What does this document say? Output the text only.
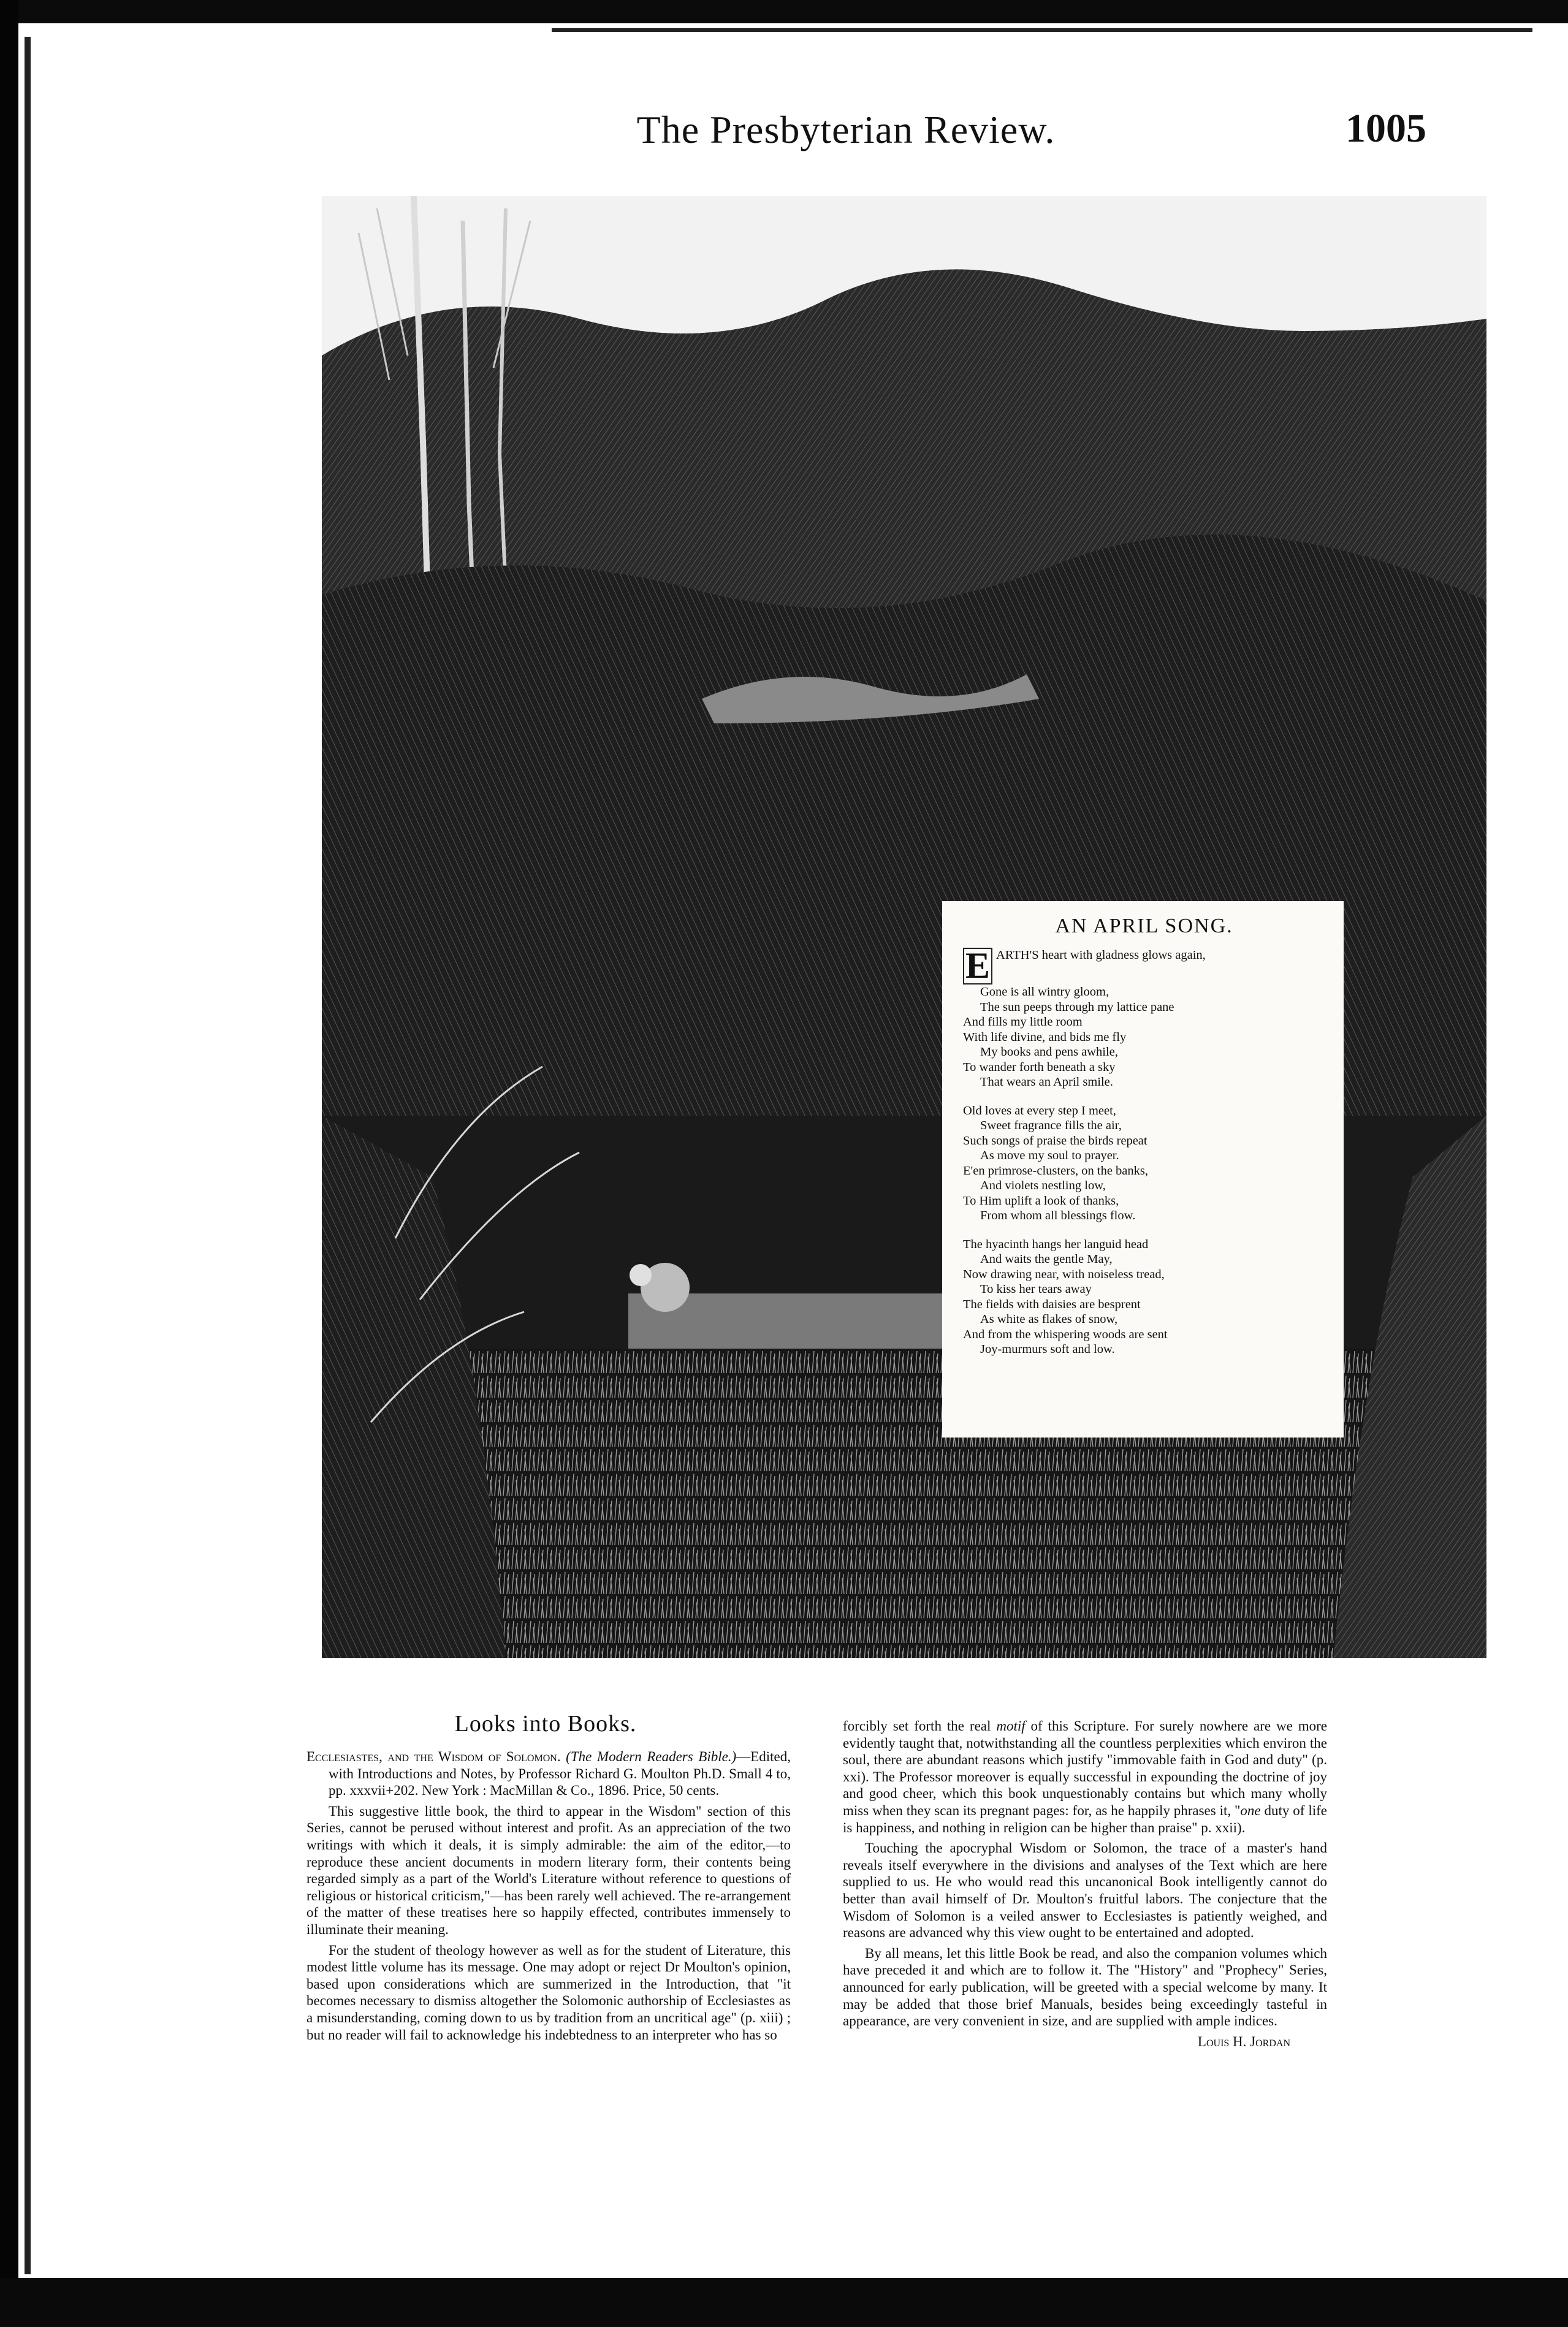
The Presbyterian Review.	1005
AN APRIL SONG.
E ARTH'S heart with gladness glows again,
Gone is all wintry gloom,
The sun peeps through my lattice pane
And fills my little room
With life divine, and bids me fly
My books and pens awhile,
To wander forth beneath a sky
That wears an April smile.
Old loves at every step I meet,
Sweet fragrance fills the air,
Such songs of praise the birds repeat
As move my soul to prayer.
E'en primrose-clusters, on the banks,
And violets nestling low,
To Him uplift a look of thanks,
From whom all blessings flow.
The hyacinth hangs her languid head
And waits the gentle May,
Now drawing near, with noiseless tread,
To kiss her tears away
The fields with daisies are besprent
As white as flakes of snow,
And from the whispering woods are sent
Joy-murmurs soft and low.
Looks into Books.

Ecclesiastes, and the Wisdom of Solomon. (The Modern Readers Bible.)—Edited, with Introductions and Notes, by Professor Richard G. Moulton Ph.D. Small 4 to, pp. xxxvii+202. New York : MacMillan & Co., 1896. Price, 50 cents.

This suggestive little book, the third to appear in the Wisdom" section of this Series, cannot be perused without interest and profit. As an appreciation of the two writings with which it deals, it is simply admirable: the aim of the editor,—to reproduce these ancient documents in modern literary form, their contents being regarded simply as a part of the World's Literature without reference to questions of religious or historical criticism,"—has been rarely well achieved. The re-arrangement of the matter of these treatises here so happily effected, contributes immensely to illuminate their meaning.

For the student of theology however as well as for the student of Literature, this modest little volume has its message. One may adopt or reject Dr Moulton's opinion, based upon considerations which are summerized in the Introduction, that "it becomes necessary to dismiss altogether the Solomonic authorship of Ecclesiastes as a misunderstanding, coming down to us by tradition from an uncritical age" (p. xiii) ; but no reader will fail to acknowledge his indebtedness to an interpreter who has so

forcibly set forth the real motif of this Scripture. For surely nowhere are we more evidently taught that, notwithstanding all the countless perplexities which environ the soul, there are abundant reasons which justify "immovable faith in God and duty" (p. xxi). The Professor moreover is equally successful in expounding the doctrine of joy and good cheer, which this book unquestionably contains but which many wholly miss when they scan its pregnant pages: for, as he happily phrases it, "one duty of life is happiness, and nothing in religion can be higher than praise" p. xxii).

Touching the apocryphal Wisdom or Solomon, the trace of a master's hand reveals itself everywhere in the divisions and analyses of the Text which are here supplied to us. He who would read this uncanonical Book intelligently cannot do better than avail himself of Dr. Moulton's fruitful labors. The conjecture that the Wisdom of Solomon is a veiled answer to Ecclesiastes is patiently weighed, and reasons are advanced why this view ought to be entertained and adopted.

By all means, let this little Book be read, and also the companion volumes which have preceded it and which are to follow it. The "History" and "Prophecy" Series, announced for early publication, will be greeted with a special welcome by many. It may be added that those brief Manuals, besides being exceedingly tasteful in appearance, are very convenient in size, and are supplied with ample indices.

Louis H. Jordan
